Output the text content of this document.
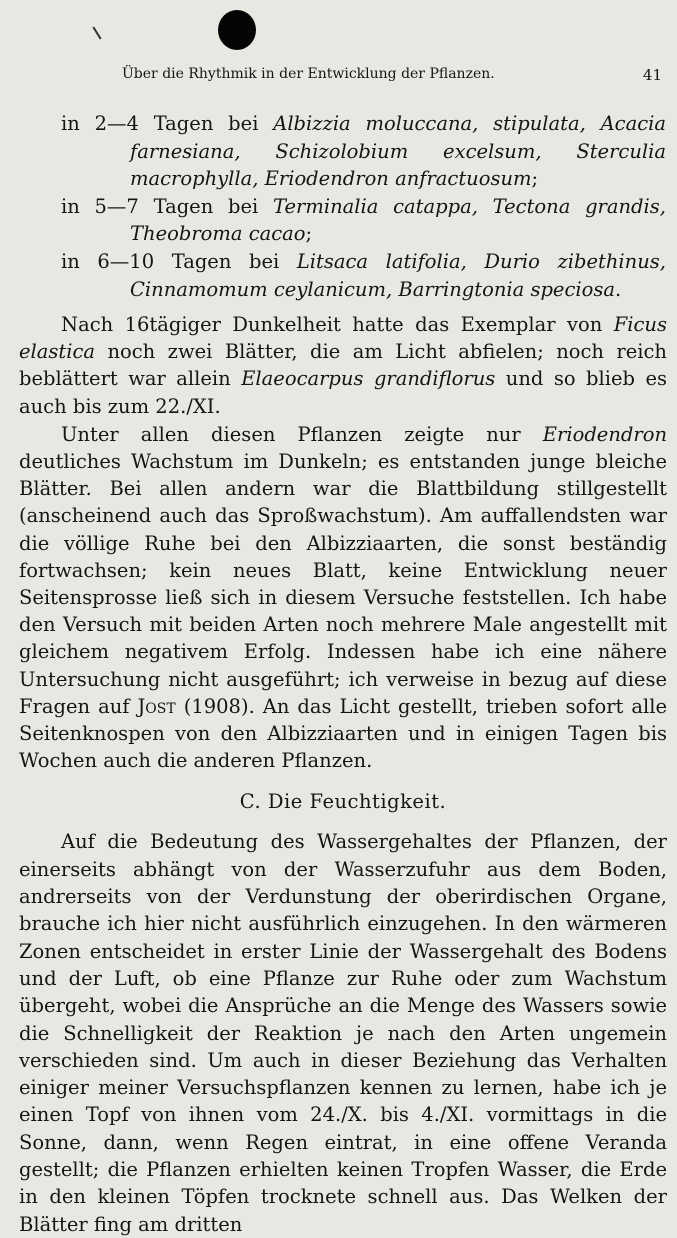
Über die Rhythmik in der Entwicklung der Pflanzen.	41
in 2—4 Tagen bei Albizzia moluccana, stipulata, Acacia farnesiana, Schizolobium excelsum, Sterculia macrophylla, Eriodendron anfractuosum;
in 5—7 Tagen bei Terminalia catappa, Tectona grandis, Theobroma cacao;
in 6—10 Tagen bei Litsaca latifolia, Durio zibethinus, Cinnamomum ceylanicum, Barringtonia speciosa.

Nach 16tägiger Dunkelheit hatte das Exemplar von Ficus elastica noch zwei Blätter, die am Licht abfielen; noch reich beblättert war allein Elaeocarpus grandiflorus und so blieb es auch bis zum 22./XI.

Unter allen diesen Pflanzen zeigte nur Eriodendron deutliches Wachstum im Dunkeln; es entstanden junge bleiche Blätter. Bei allen andern war die Blattbildung stillgestellt (anscheinend auch das Sproßwachstum). Am auffallendsten war die völlige Ruhe bei den Albizziaarten, die sonst beständig fortwachsen; kein neues Blatt, keine Entwicklung neuer Seitensprosse ließ sich in diesem Versuche feststellen. Ich habe den Versuch mit beiden Arten noch mehrere Male angestellt mit gleichem negativem Erfolg. Indessen habe ich eine nähere Untersuchung nicht ausgeführt; ich verweise in bezug auf diese Fragen auf Jost (1908). An das Licht gestellt, trieben sofort alle Seitenknospen von den Albizziaarten und in einigen Tagen bis Wochen auch die anderen Pflanzen.

C. Die Feuchtigkeit.

Auf die Bedeutung des Wassergehaltes der Pflanzen, der einerseits abhängt von der Wasserzufuhr aus dem Boden, andrerseits von der Verdunstung der oberirdischen Organe, brauche ich hier nicht ausführlich einzugehen. In den wärmeren Zonen entscheidet in erster Linie der Wassergehalt des Bodens und der Luft, ob eine Pflanze zur Ruhe oder zum Wachstum übergeht, wobei die Ansprüche an die Menge des Wassers sowie die Schnelligkeit der Reaktion je nach den Arten ungemein verschieden sind. Um auch in dieser Beziehung das Verhalten einiger meiner Versuchspflanzen kennen zu lernen, habe ich je einen Topf von ihnen vom 24./X. bis 4./XI. vormittags in die Sonne, dann, wenn Regen eintrat, in eine offene Veranda gestellt; die Pflanzen erhielten keinen Tropfen Wasser, die Erde in den kleinen Töpfen trocknete schnell aus. Das Welken der Blätter fing am dritten
